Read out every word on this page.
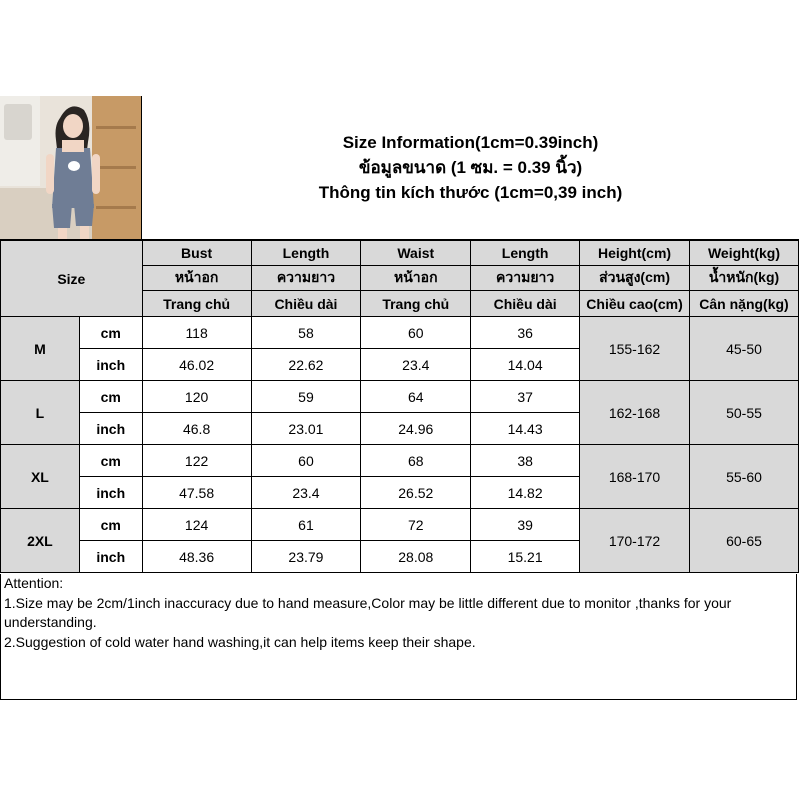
Size Information(1cm=0.39inch)
ข้อมูลขนาด (1 ซม. = 0.39 นิ้ว)
Thông tin kích thước (1cm=0,39 inch)
Size		Bust	Length	Waist	Length	Height(cm)	Weight(kg)
		หน้าอก	ความยาว	หน้าอก	ความยาว	ส่วนสูง(cm)	น้ำหนัก(kg)
		Trang chủ	Chiều dài	Trang chủ	Chiều dài	Chiều cao(cm)	Cân nặng(kg)
M	cm	118	58	60	36	155-162	45-50
	inch	46.02	22.62	23.4	14.04		
L	cm	120	59	64	37	162-168	50-55
	inch	46.8	23.01	24.96	14.43		
XL	cm	122	60	68	38	168-170	55-60
	inch	47.58	23.4	26.52	14.82		
2XL	cm	124	61	72	39	170-172	60-65
	inch	48.36	23.79	28.08	15.21		
Attention:
1.Size may be 2cm/1inch inaccuracy due to hand measure,Color may be little different due to monitor ,thanks for your understanding.
2.Suggestion of cold water hand washing,it can help items keep their shape.
